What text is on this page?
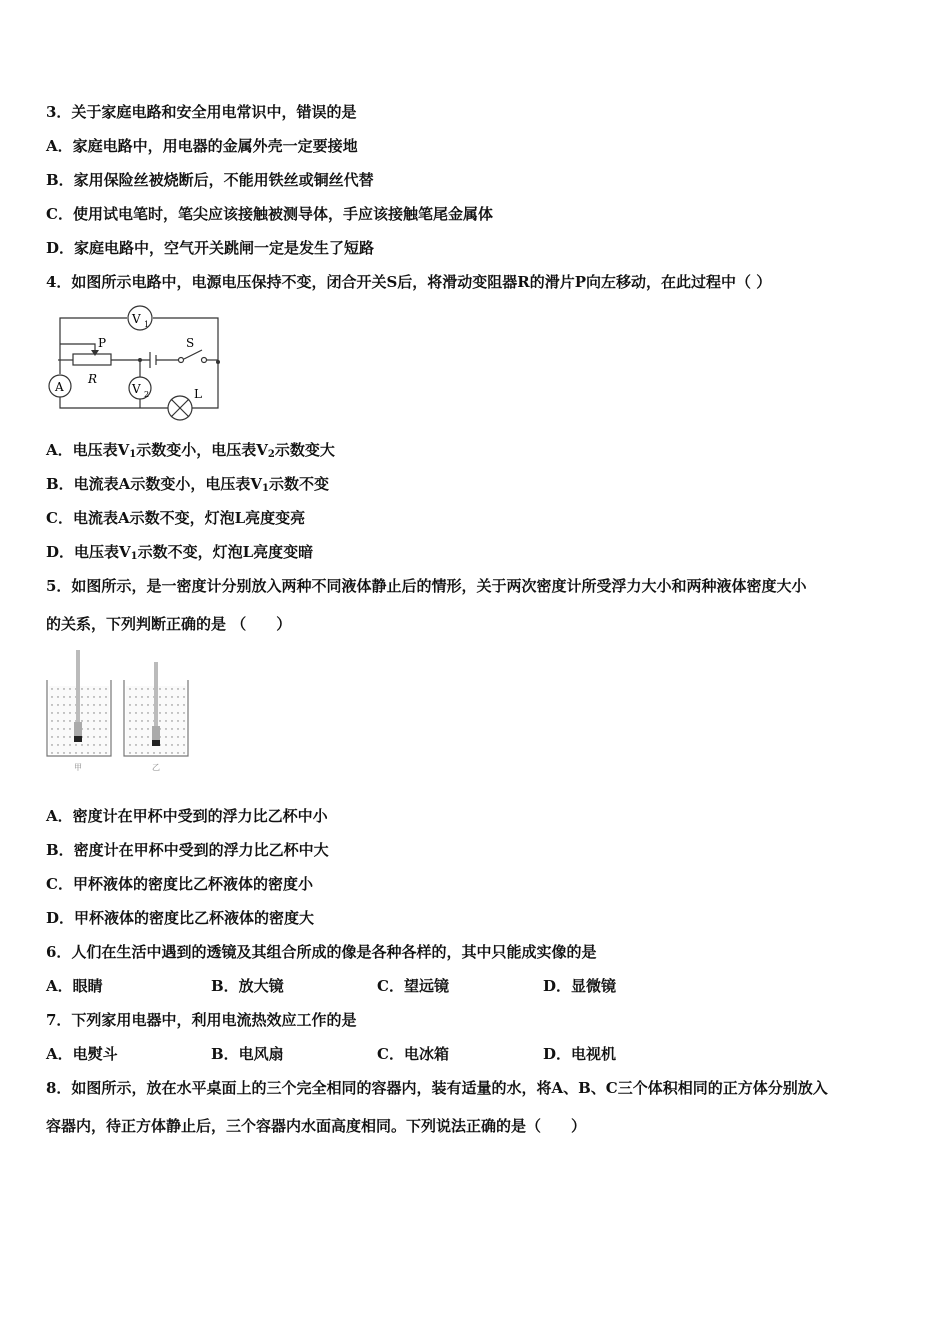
3．关于家庭电路和安全用电常识中，错误的是
A．家庭电路中，用电器的金属外壳一定要接地
B．家用保险丝被烧断后，不能用铁丝或铜丝代替
C．使用试电笔时，笔尖应该接触被测导体，手应该接触笔尾金属体
D．家庭电路中，空气开关跳闸一定是发生了短路
4．如图所示电路中，电源电压保持不变，闭合开关S后，将滑动变阻器R的滑片P向左移动，在此过程中（ ）
V 1
V 2
A
P
R
S
L
A．电压表$V_1$示数变小，电压表$V_2$示数变大
B．电流表A示数变小，电压表$V_1$示数不变
C．电流表A示数不变，灯泡L亮度变亮
D．电压表$V_1$示数不变，灯泡L亮度变暗
5．如图所示，是一密度计分别放入两种不同液体静止后的情形，关于两次密度计所受浮力大小和两种液体密度大小
的关系，下列判断正确的是 （　　）
甲	乙
A．密度计在甲杯中受到的浮力比乙杯中小
B．密度计在甲杯中受到的浮力比乙杯中大
C．甲杯液体的密度比乙杯液体的密度小
D．甲杯液体的密度比乙杯液体的密度大
6．人们在生活中遇到的透镜及其组合所成的像是各种各样的，其中只能成实像的是
A．眼睛	B．放大镜	C．望远镜	D．显微镜
7．下列家用电器中，利用电流热效应工作的是
A．电熨斗	B．电风扇	C．电冰箱	D．电视机
8．如图所示，放在水平桌面上的三个完全相同的容器内，装有适量的水，将A、B、C三个体积相同的正方体分别放入
容器内，待正方体静止后，三个容器内水面高度相同。下列说法正确的是（　　）
